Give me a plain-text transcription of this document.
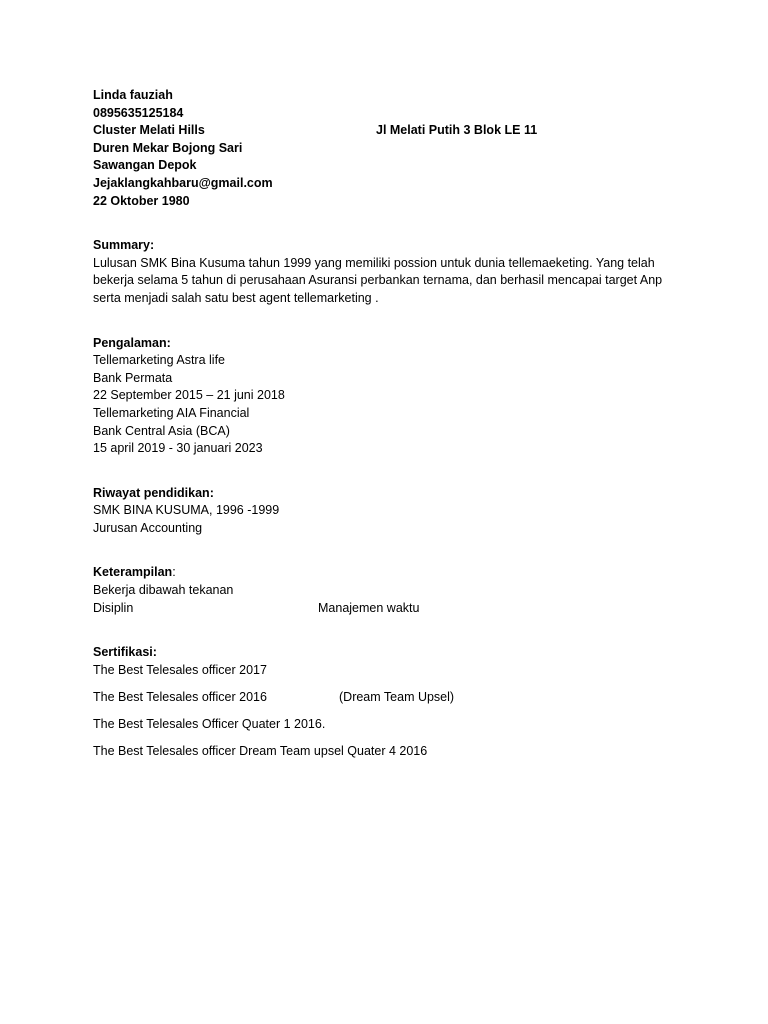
Linda fauziah
0895635125184
Cluster Melati Hills	Jl Melati Putih 3 Blok LE 11
Duren Mekar Bojong Sari
Sawangan Depok
Jejaklangkahbaru@gmail.com
22 Oktober 1980
Summary:
Lulusan SMK Bina Kusuma tahun 1999 yang memiliki possion untuk dunia tellemaeketing. Yang telah bekerja selama 5 tahun di perusahaan Asuransi perbankan ternama, dan berhasil mencapai target Anp serta menjadi salah satu best agent tellemarketing .
Pengalaman:
Tellemarketing Astra life
Bank Permata
22 September 2015 – 21 juni 2018
Tellemarketing AIA Financial
Bank Central Asia (BCA)
15 april 2019 - 30 januari 2023
Riwayat pendidikan:
SMK BINA KUSUMA, 1996 -1999
Jurusan Accounting
Keterampilan:
Bekerja dibawah tekanan
Disiplin	Manajemen waktu
Sertifikasi:
The Best Telesales officer 2017
The Best Telesales officer 2016	(Dream Team Upsel)
The Best Telesales Officer Quater 1 2016.
The Best Telesales officer Dream Team upsel Quater 4 2016
